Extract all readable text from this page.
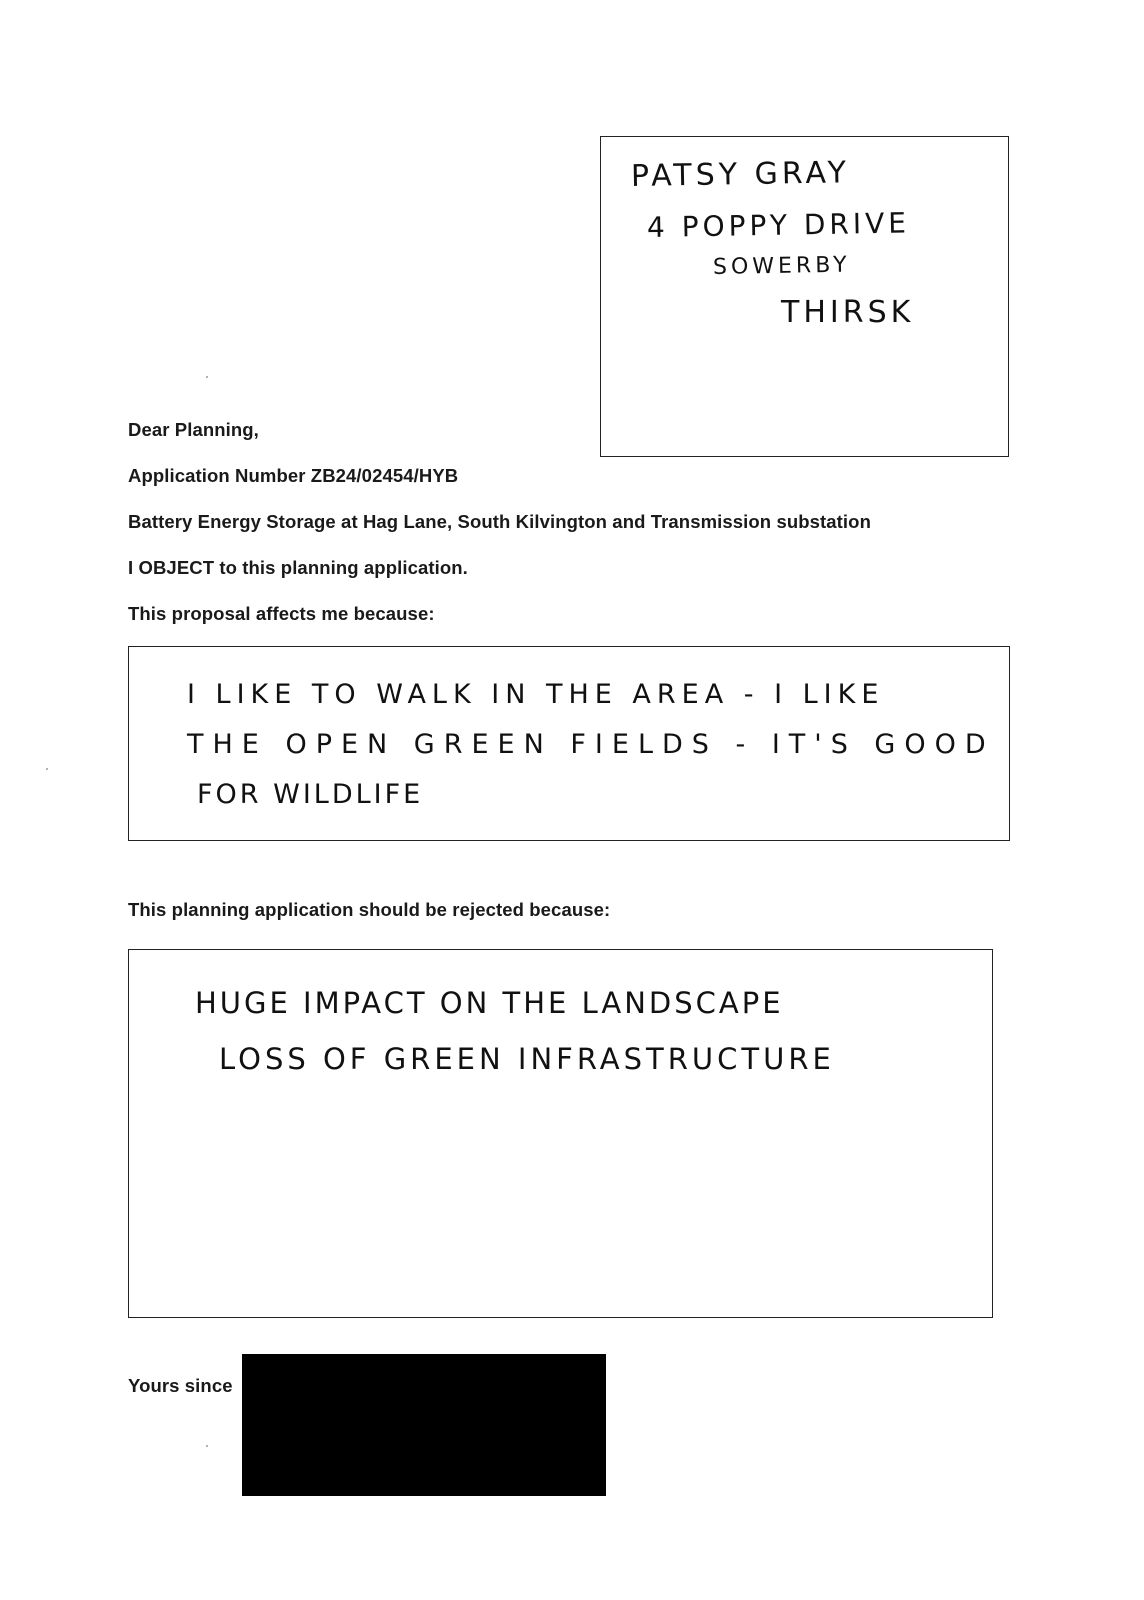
PATSY GRAY
4 POPPY DRIVE
SOWERBY
THIRSK
Dear Planning,
Application Number ZB24/02454/HYB
Battery Energy Storage at Hag Lane, South Kilvington and Transmission substation
I OBJECT to this planning application.
This proposal affects me because:
I LIKE TO WALK IN THE AREA - I LIKE
THE OPEN GREEN FIELDS - IT'S GOOD
FOR WILDLIFE
This planning application should be rejected because:
HUGE IMPACT ON THE LANDSCAPE
LOSS OF GREEN INFRASTRUCTURE
Yours since
